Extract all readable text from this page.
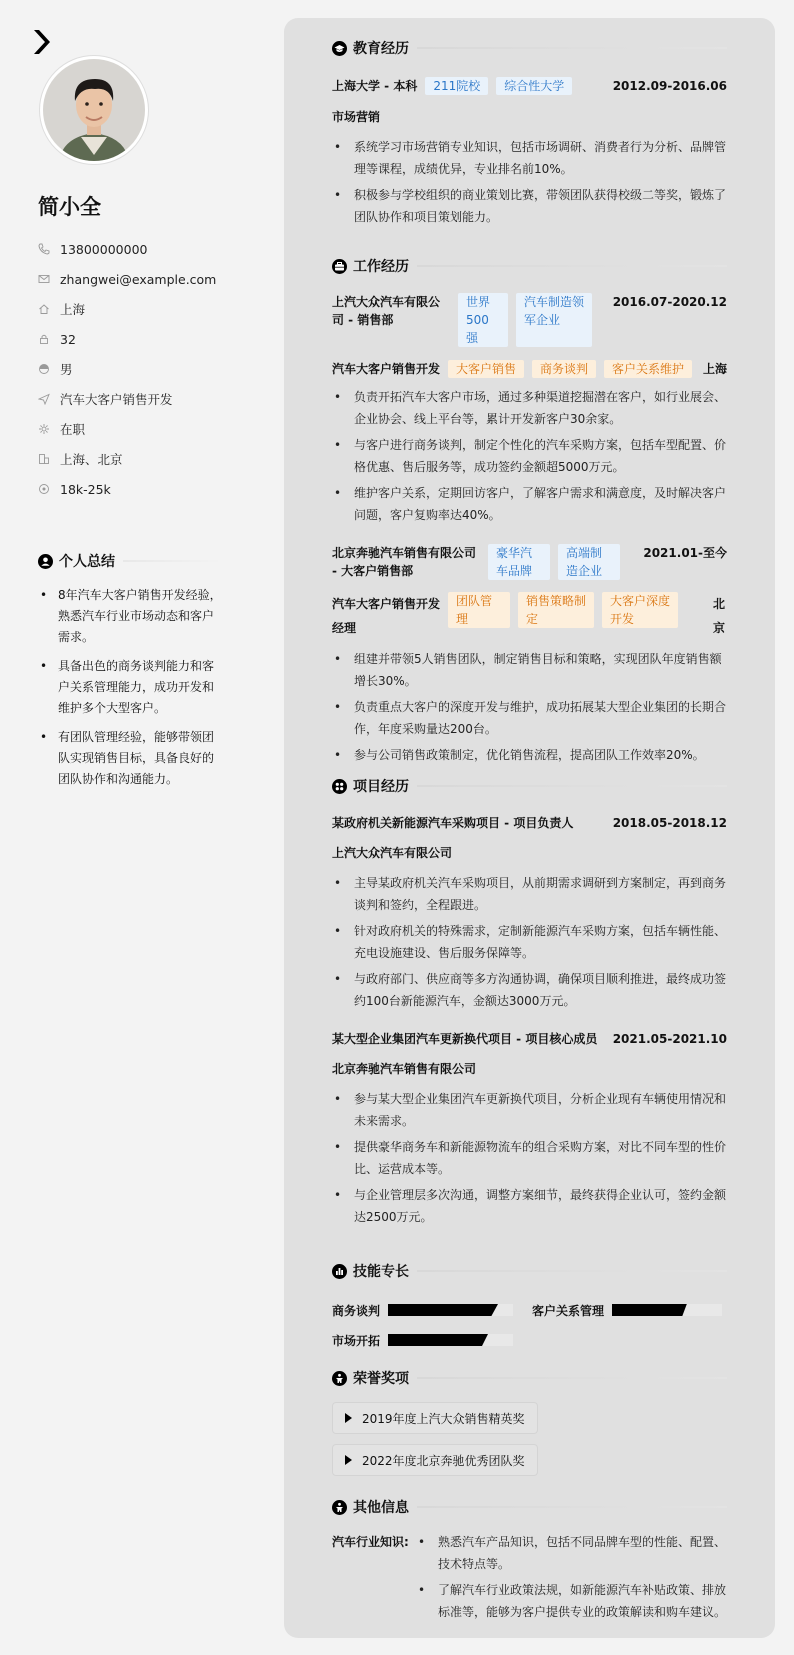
简小全
13800000000
zhangwei@example.com
上海
32
男
汽车大客户销售开发
在职
上海、北京
18k-25k
个人总结
• 8年汽车大客户销售开发经验，熟悉汽车行业市场动态和客户需求。
• 具备出色的商务谈判能力和客户关系管理能力，成功开发和维护多个大型客户。
• 有团队管理经验，能够带领团队实现销售目标，具备良好的团队协作和沟通能力。
教育经历
上海大学 - 本科	211院校	综合性大学	2012.09-2016.06
市场营销
• 系统学习市场营销专业知识，包括市场调研、消费者行为分析、品牌管理等课程，成绩优异，专业排名前10%。
• 积极参与学校组织的商业策划比赛，带领团队获得校级二等奖，锻炼了团队协作和项目策划能力。
工作经历
上汽大众汽车有限公司 - 销售部
世界500强
汽车制造领军企业
2016.07-2020.12
汽车大客户销售开发	大客户销售	商务谈判	客户关系维护	上海
• 负责开拓汽车大客户市场，通过多种渠道挖掘潜在客户，如行业展会、企业协会、线上平台等，累计开发新客户30余家。
• 与客户进行商务谈判，制定个性化的汽车采购方案，包括车型配置、价格优惠、售后服务等，成功签约金额超5000万元。
• 维护客户关系，定期回访客户，了解客户需求和满意度，及时解决客户问题，客户复购率达40%。
北京奔驰汽车销售有限公司 - 大客户销售部
豪华汽车品牌
高端制造企业
2021.01-至今
汽车大客户销售开发经理
团队管理
销售策略制定
大客户深度开发
北京
• 组建并带领5人销售团队，制定销售目标和策略，实现团队年度销售额增长30%。
• 负责重点大客户的深度开发与维护，成功拓展某大型企业集团的长期合作，年度采购量达200台。
• 参与公司销售政策制定，优化销售流程，提高团队工作效率20%。
项目经历
某政府机关新能源汽车采购项目 - 项目负责人	2018.05-2018.12
上汽大众汽车有限公司
• 主导某政府机关汽车采购项目，从前期需求调研到方案制定，再到商务谈判和签约，全程跟进。
• 针对政府机关的特殊需求，定制新能源汽车采购方案，包括车辆性能、充电设施建设、售后服务保障等。
• 与政府部门、供应商等多方沟通协调，确保项目顺利推进，最终成功签约100台新能源汽车，金额达3000万元。
某大型企业集团汽车更新换代项目 - 项目核心成员 2021.05-2021.10
北京奔驰汽车销售有限公司
• 参与某大型企业集团汽车更新换代项目，分析企业现有车辆使用情况和未来需求。
• 提供豪华商务车和新能源物流车的组合采购方案，对比不同车型的性价比、运营成本等。
• 与企业管理层多次沟通，调整方案细节，最终获得企业认可，签约金额达2500万元。
技能专长
商务谈判	客户关系管理
市场开拓
荣誉奖项
2019年度上汽大众销售精英奖

2022年度北京奔驰优秀团队奖
其他信息
汽车行业知识:
•	熟悉汽车产品知识，包括不同品牌车型的性能、配置、技术特点等。
• 了解汽车行业政策法规，如新能源汽车补贴政策、排放标准等，能够为客户提供专业的政策解读和购车建议。
